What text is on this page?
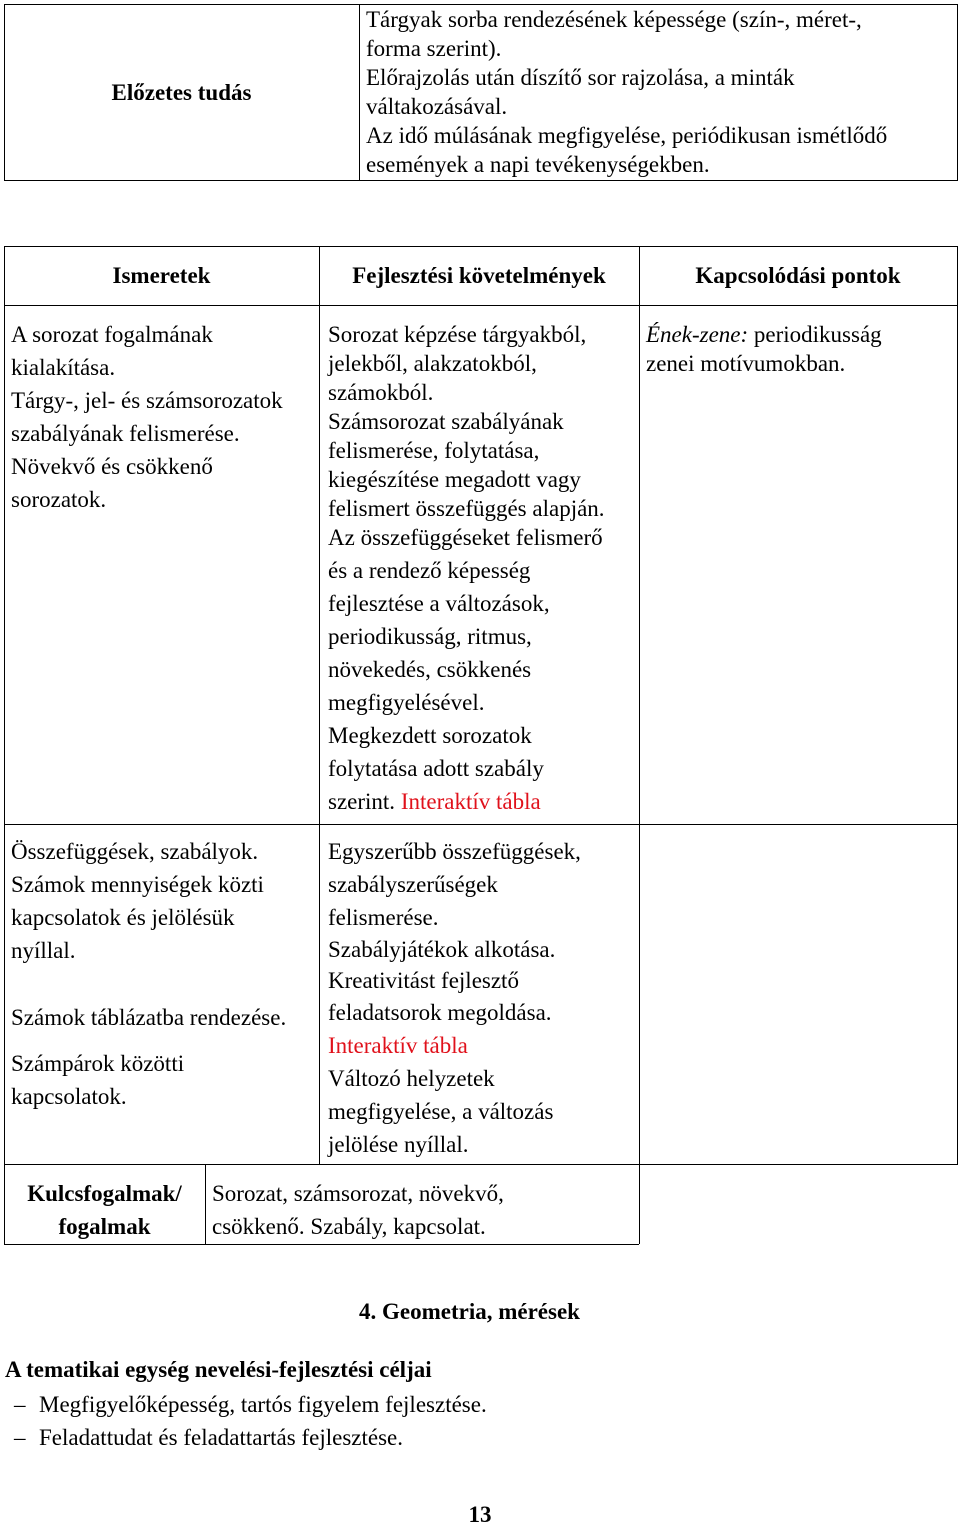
Előzetes tudás
Tárgyak sorba rendezésének képessége (szín-, méret-,
forma szerint).
Előrajzolás után díszítő sor rajzolása, a minták
váltakozásával.
Az idő múlásának megfigyelése, periódikusan ismétlődő
események a napi tevékenységekben.
Ismeretek	Fejlesztési követelmények	Kapcsolódási pontok
A sorozat fogalmának
kialakítása.
Tárgy-, jel- és számsorozatok
szabályának felismerése.
Növekvő és csökkenő
sorozatok.
Sorozat képzése tárgyakból,
jelekből, alakzatokból,
számokból.
Számsorozat szabályának
felismerése, folytatása,
kiegészítése megadott vagy
felismert összefüggés alapján.
Az összefüggéseket felismerő
és a rendező képesség
fejlesztése a változások,
periodikusság, ritmus,
növekedés, csökkenés
megfigyelésével.
Megkezdett sorozatok
folytatása adott szabály
szerint. Interaktív tábla
Ének-zene: periodikusság
zenei motívumokban.
Összefüggések, szabályok.
Számok mennyiségek közti
kapcsolatok és jelölésük
nyíllal.
Számok táblázatba rendezése.
Számpárok közötti
kapcsolatok.
Egyszerűbb összefüggések,
szabályszerűségek
felismerése.
Szabályjátékok alkotása.
Kreativitást fejlesztő
feladatsorok megoldása.
Interaktív tábla
Változó helyzetek
megfigyelése, a változás
jelölése nyíllal.
Kulcsfogalmak/
fogalmak
Sorozat, számsorozat, növekvő,
csökkenő. Szabály, kapcsolat.
4. Geometria, mérések
A tematikai egység nevelési-fejlesztési céljai
– Megfigyelőképesség, tartós figyelem fejlesztése.
– Feladattudat és feladattartás fejlesztése.
13
